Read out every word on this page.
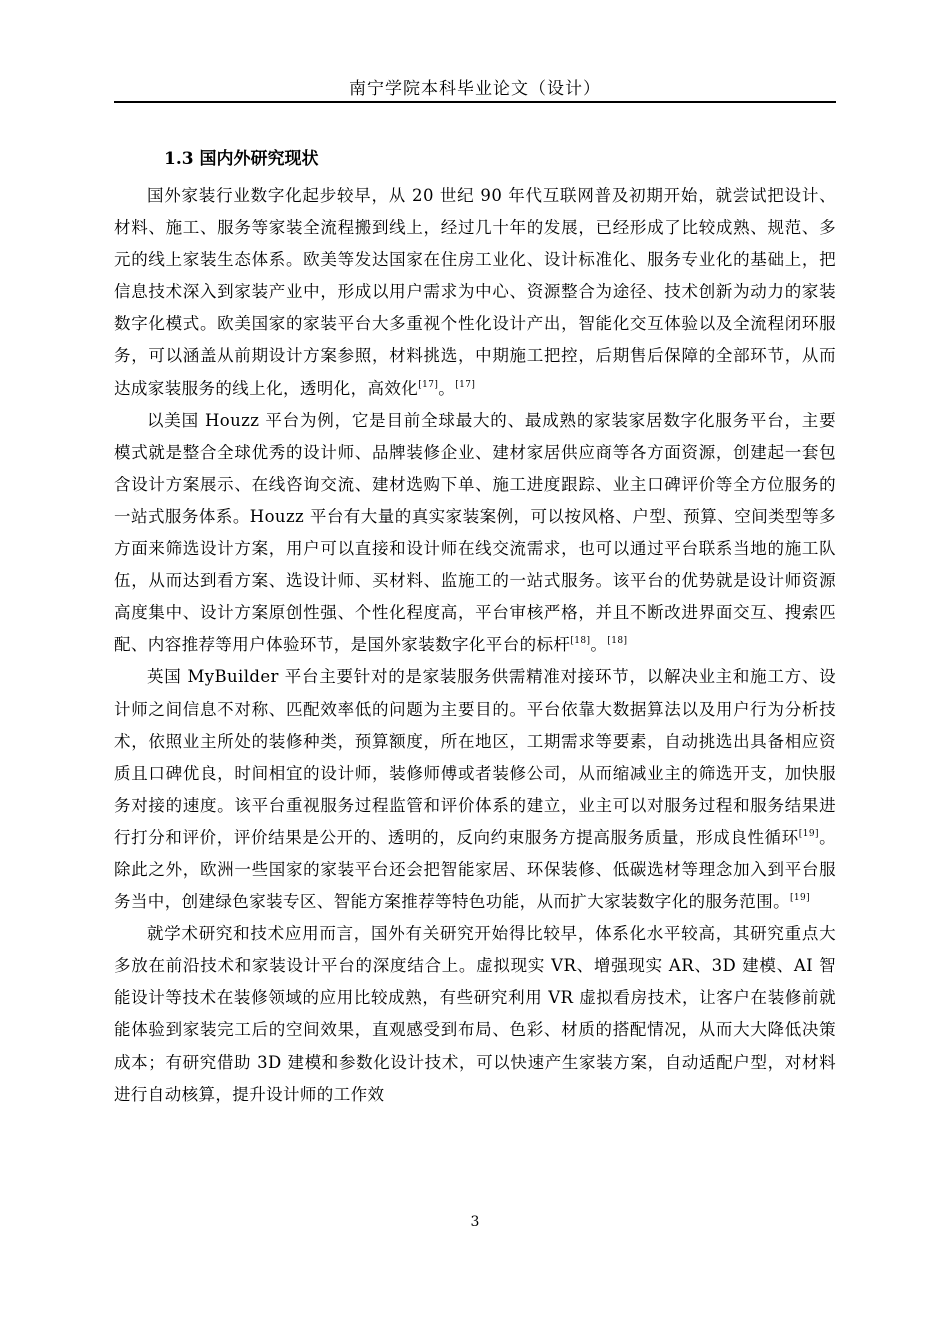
南宁学院本科毕业论文（设计）
1.3 国内外研究现状

国外家装行业数字化起步较早，从 20 世纪 90 年代互联网普及初期开始，就尝试把设计、材料、施工、服务等家装全流程搬到线上，经过几十年的发展，已经形成了比较成熟、规范、多元的线上家装生态体系。欧美等发达国家在住房工业化、设计标准化、服务专业化的基础上，把信息技术深入到家装产业中，形成以用户需求为中心、资源整合为途径、技术创新为动力的家装数字化模式。欧美国家的家装平台大多重视个性化设计产出，智能化交互体验以及全流程闭环服务，可以涵盖从前期设计方案参照，材料挑选，中期施工把控，后期售后保障的全部环节，从而达成家装服务的线上化，透明化，高效化[17]。[17]

以美国 Houzz 平台为例，它是目前全球最大的、最成熟的家装家居数字化服务平台，主要模式就是整合全球优秀的设计师、品牌装修企业、建材家居供应商等各方面资源，创建起一套包含设计方案展示、在线咨询交流、建材选购下单、施工进度跟踪、业主口碑评价等全方位服务的一站式服务体系。Houzz 平台有大量的真实家装案例，可以按风格、户型、预算、空间类型等多方面来筛选设计方案，用户可以直接和设计师在线交流需求，也可以通过平台联系当地的施工队伍，从而达到看方案、选设计师、买材料、监施工的一站式服务。该平台的优势就是设计师资源高度集中、设计方案原创性强、个性化程度高，平台审核严格，并且不断改进界面交互、搜索匹配、内容推荐等用户体验环节，是国外家装数字化平台的标杆[18]。[18]

英国 MyBuilder 平台主要针对的是家装服务供需精准对接环节，以解决业主和施工方、设计师之间信息不对称、匹配效率低的问题为主要目的。平台依靠大数据算法以及用户行为分析技术，依照业主所处的装修种类，预算额度，所在地区，工期需求等要素，自动挑选出具备相应资质且口碑优良，时间相宜的设计师，装修师傅或者装修公司，从而缩减业主的筛选开支，加快服务对接的速度。该平台重视服务过程监管和评价体系的建立，业主可以对服务过程和服务结果进行打分和评价，评价结果是公开的、透明的，反向约束服务方提高服务质量，形成良性循环[19]。除此之外，欧洲一些国家的家装平台还会把智能家居、环保装修、低碳选材等理念加入到平台服务当中，创建绿色家装专区、智能方案推荐等特色功能，从而扩大家装数字化的服务范围。[19]

就学术研究和技术应用而言，国外有关研究开始得比较早，体系化水平较高，其研究重点大多放在前沿技术和家装设计平台的深度结合上。虚拟现实 VR、增强现实 AR、3D 建模、AI 智能设计等技术在装修领域的应用比较成熟，有些研究利用 VR 虚拟看房技术，让客户在装修前就能体验到家装完工后的空间效果，直观感受到布局、色彩、材质的搭配情况，从而大大降低决策成本；有研究借助 3D 建模和参数化设计技术，可以快速产生家装方案，自动适配户型，对材料进行自动核算，提升设计师的工作效

3
